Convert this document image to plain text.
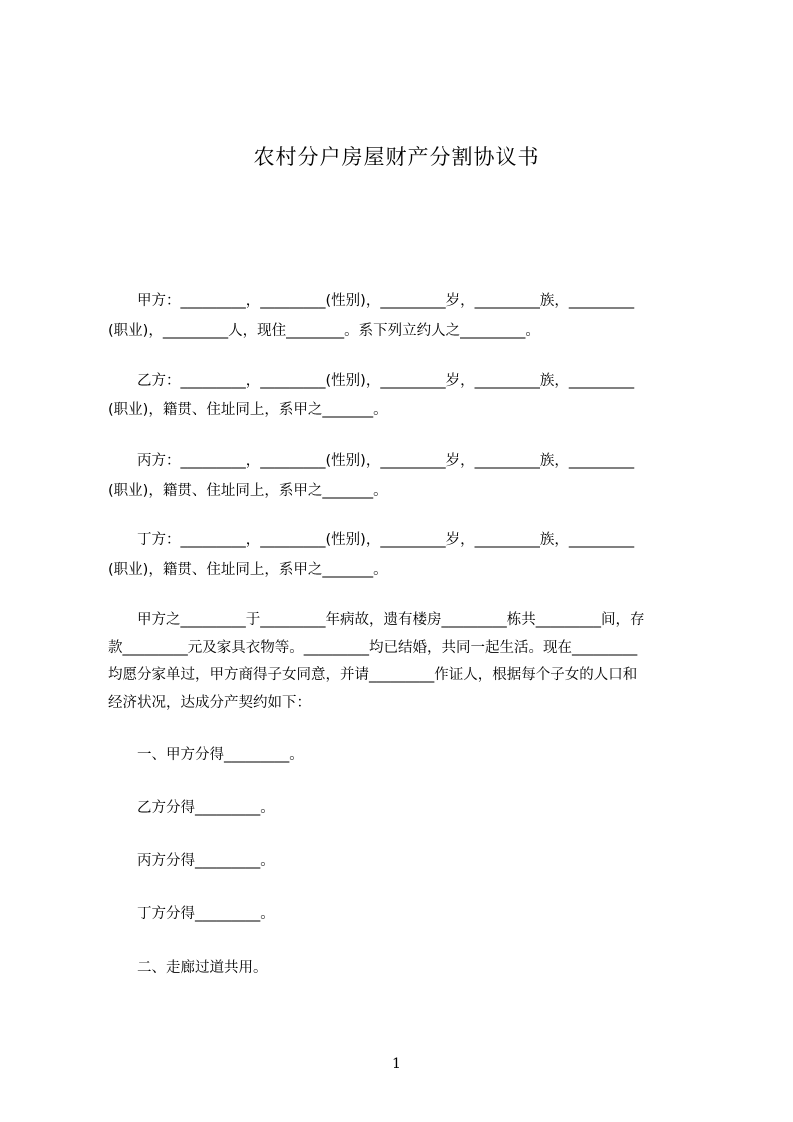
农村分户房屋财产分割协议书
甲方：_________，_________(性别)，_________岁，_________族，_________
(职业)，_________人，现住________。系下列立约人之_________。
乙方：_________，_________(性别)，_________岁，_________族，_________
(职业)，籍贯、住址同上，系甲之_______。
丙方：_________，_________(性别)，_________岁，_________族，_________
(职业)，籍贯、住址同上，系甲之_______。
丁方：_________，_________(性别)，_________岁，_________族，_________
(职业)，籍贯、住址同上，系甲之_______。
甲方之_________于_________年病故，遗有楼房_________栋共_________间，存
款_________元及家具衣物等。_________均已结婚，共同一起生活。现在_________
均愿分家单过，甲方商得子女同意，并请_________作证人，根据每个子女的人口和
经济状况，达成分产契约如下：
一、甲方分得_________。
乙方分得_________。
丙方分得_________。
丁方分得_________。
二、走廊过道共用。
1
